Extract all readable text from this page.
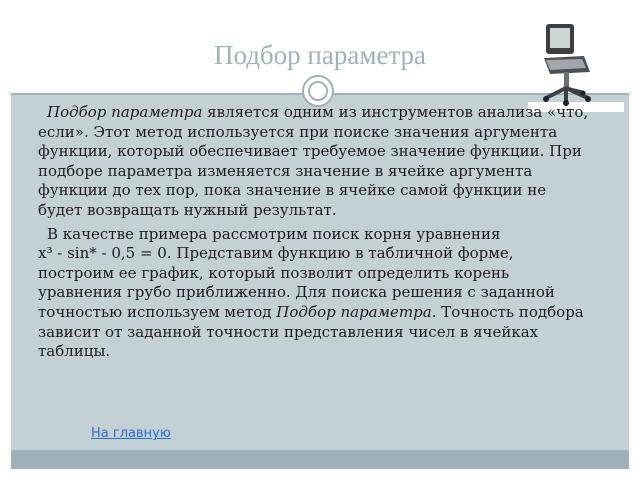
Подбор параметра

Подбор параметра является одним из инструментов анализа «что, если». Этот метод используется при поиске значения аргумента функции, который обеспечивает требуемое значение функции. При подборе параметра изменяется значение в ячейке аргумента функции до тех пор, пока значение в ячейке самой функции не будет возвращать нужный результат.

В качестве примера рассмотрим поиск корня уравнения
x³ - sin* - 0,5 = 0. Представим функцию в табличной форме, построим ее график, который позволит определить корень уравнения грубо приближенно. Для поиска решения с заданной точностью используем метод Подбор параметра. Точность подбора зависит от заданной точности представления чисел в ячейках таблицы.

На главную
